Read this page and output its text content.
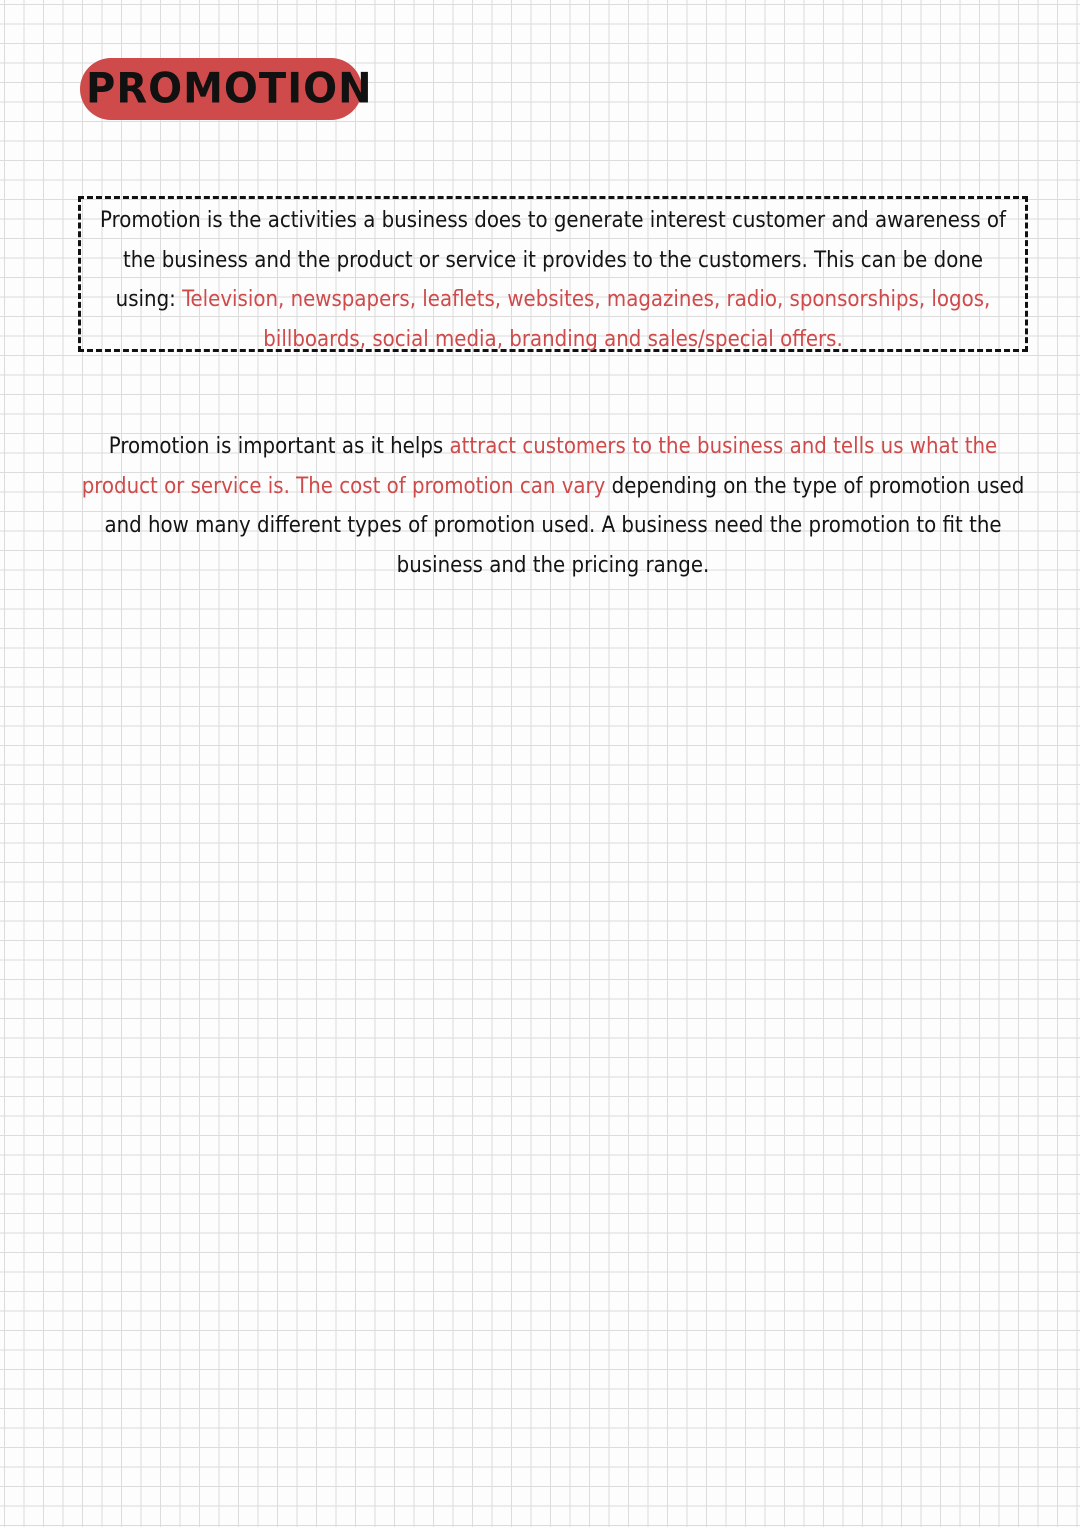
PROMOTION

Promotion is the activities a business does to generate interest customer and awareness of the business and the product or service it provides to the customers. This can be done using: Television, newspapers, leaflets, websites, magazines, radio, sponsorships, logos, billboards, social media, branding and sales/special offers.

Promotion is important as it helps attract customers to the business and tells us what the product or service is. The cost of promotion can vary depending on the type of promotion used and how many different types of promotion used. A business need the promotion to fit the business and the pricing range.
